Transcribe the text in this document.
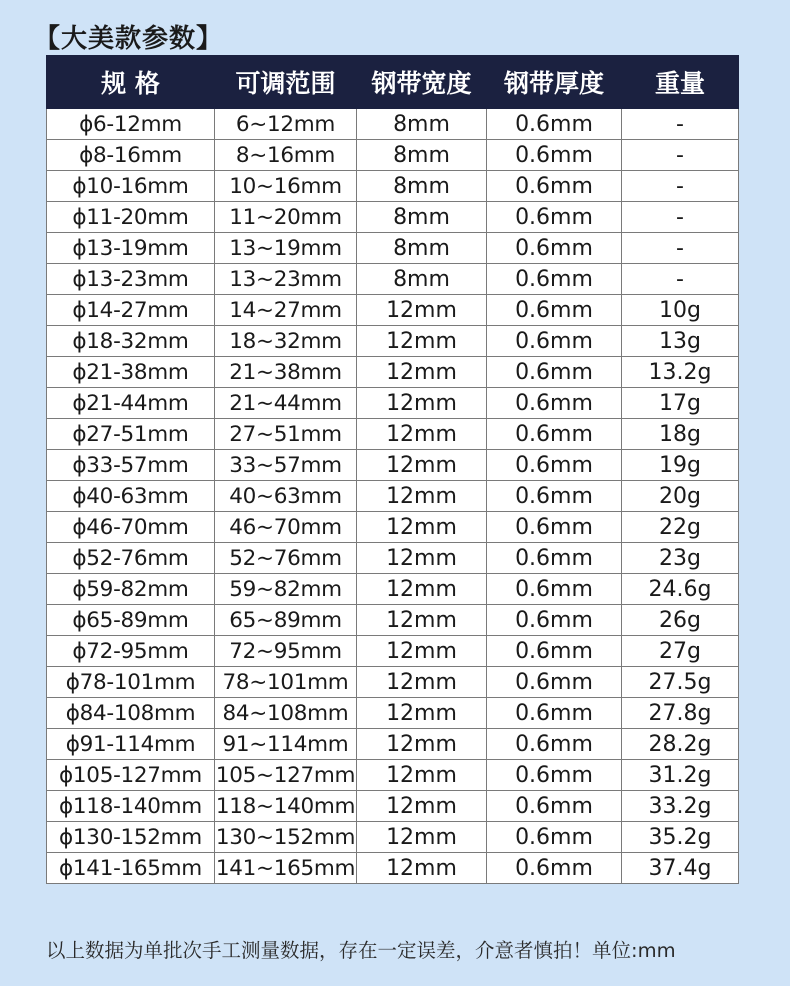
【大美款参数】
规 格	可调范围	钢带宽度	钢带厚度	重量
ϕ6-12mm	6~12mm	8mm	0.6mm	-
ϕ8-16mm	8~16mm	8mm	0.6mm	-
ϕ10-16mm	10~16mm	8mm	0.6mm	-
ϕ11-20mm	11~20mm	8mm	0.6mm	-
ϕ13-19mm	13~19mm	8mm	0.6mm	-
ϕ13-23mm	13~23mm	8mm	0.6mm	-
ϕ14-27mm	14~27mm	12mm	0.6mm	10g
ϕ18-32mm	18~32mm	12mm	0.6mm	13g
ϕ21-38mm	21~38mm	12mm	0.6mm	13.2g
ϕ21-44mm	21~44mm	12mm	0.6mm	17g
ϕ27-51mm	27~51mm	12mm	0.6mm	18g
ϕ33-57mm	33~57mm	12mm	0.6mm	19g
ϕ40-63mm	40~63mm	12mm	0.6mm	20g
ϕ46-70mm	46~70mm	12mm	0.6mm	22g
ϕ52-76mm	52~76mm	12mm	0.6mm	23g
ϕ59-82mm	59~82mm	12mm	0.6mm	24.6g
ϕ65-89mm	65~89mm	12mm	0.6mm	26g
ϕ72-95mm	72~95mm	12mm	0.6mm	27g
ϕ78-101mm	78~101mm	12mm	0.6mm	27.5g
ϕ84-108mm	84~108mm	12mm	0.6mm	27.8g
ϕ91-114mm	91~114mm	12mm	0.6mm	28.2g
ϕ105-127mm	105~127mm	12mm	0.6mm	31.2g
ϕ118-140mm	118~140mm	12mm	0.6mm	33.2g
ϕ130-152mm	130~152mm	12mm	0.6mm	35.2g
ϕ141-165mm	141~165mm	12mm	0.6mm	37.4g
以上数据为单批次手工测量数据，存在一定误差，介意者慎拍！单位:mm
